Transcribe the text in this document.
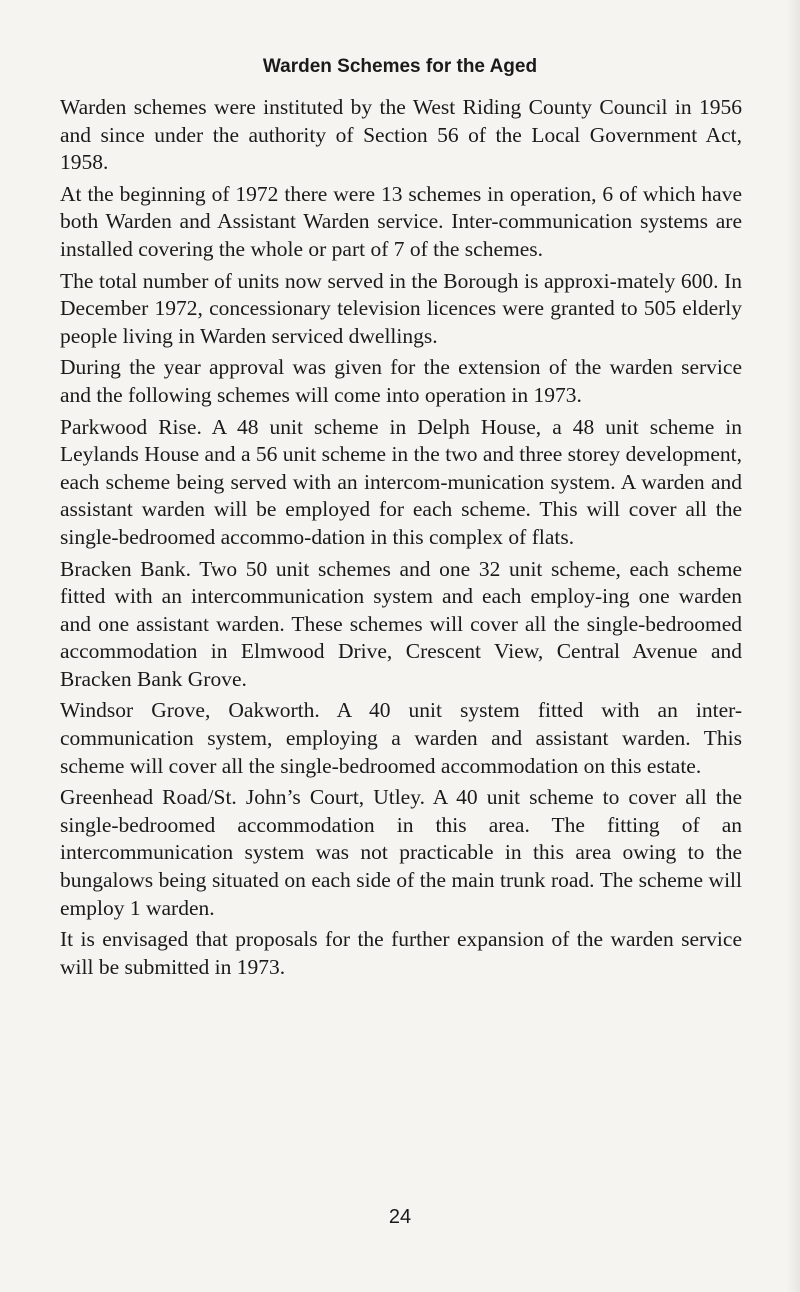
Warden Schemes for the Aged

Warden schemes were instituted by the West Riding County Council in 1956 and since under the authority of Section 56 of the Local Government Act, 1958.

At the beginning of 1972 there were 13 schemes in operation, 6 of which have both Warden and Assistant Warden service. Inter-communication systems are installed covering the whole or part of 7 of the schemes.

The total number of units now served in the Borough is approxi-mately 600. In December 1972, concessionary television licences were granted to 505 elderly people living in Warden serviced dwellings.

During the year approval was given for the extension of the warden service and the following schemes will come into operation in 1973.

Parkwood Rise. A 48 unit scheme in Delph House, a 48 unit scheme in Leylands House and a 56 unit scheme in the two and three storey development, each scheme being served with an intercom-munication system. A warden and assistant warden will be employed for each scheme. This will cover all the single-bedroomed accommo-dation in this complex of flats.

Bracken Bank. Two 50 unit schemes and one 32 unit scheme, each scheme fitted with an intercommunication system and each employ-ing one warden and one assistant warden. These schemes will cover all the single-bedroomed accommodation in Elmwood Drive, Crescent View, Central Avenue and Bracken Bank Grove.

Windsor Grove, Oakworth. A 40 unit system fitted with an inter-communication system, employing a warden and assistant warden. This scheme will cover all the single-bedroomed accommodation on this estate.

Greenhead Road/St. John’s Court, Utley. A 40 unit scheme to cover all the single-bedroomed accommodation in this area. The fitting of an intercommunication system was not practicable in this area owing to the bungalows being situated on each side of the main trunk road. The scheme will employ 1 warden.

It is envisaged that proposals for the further expansion of the warden service will be submitted in 1973.

24
